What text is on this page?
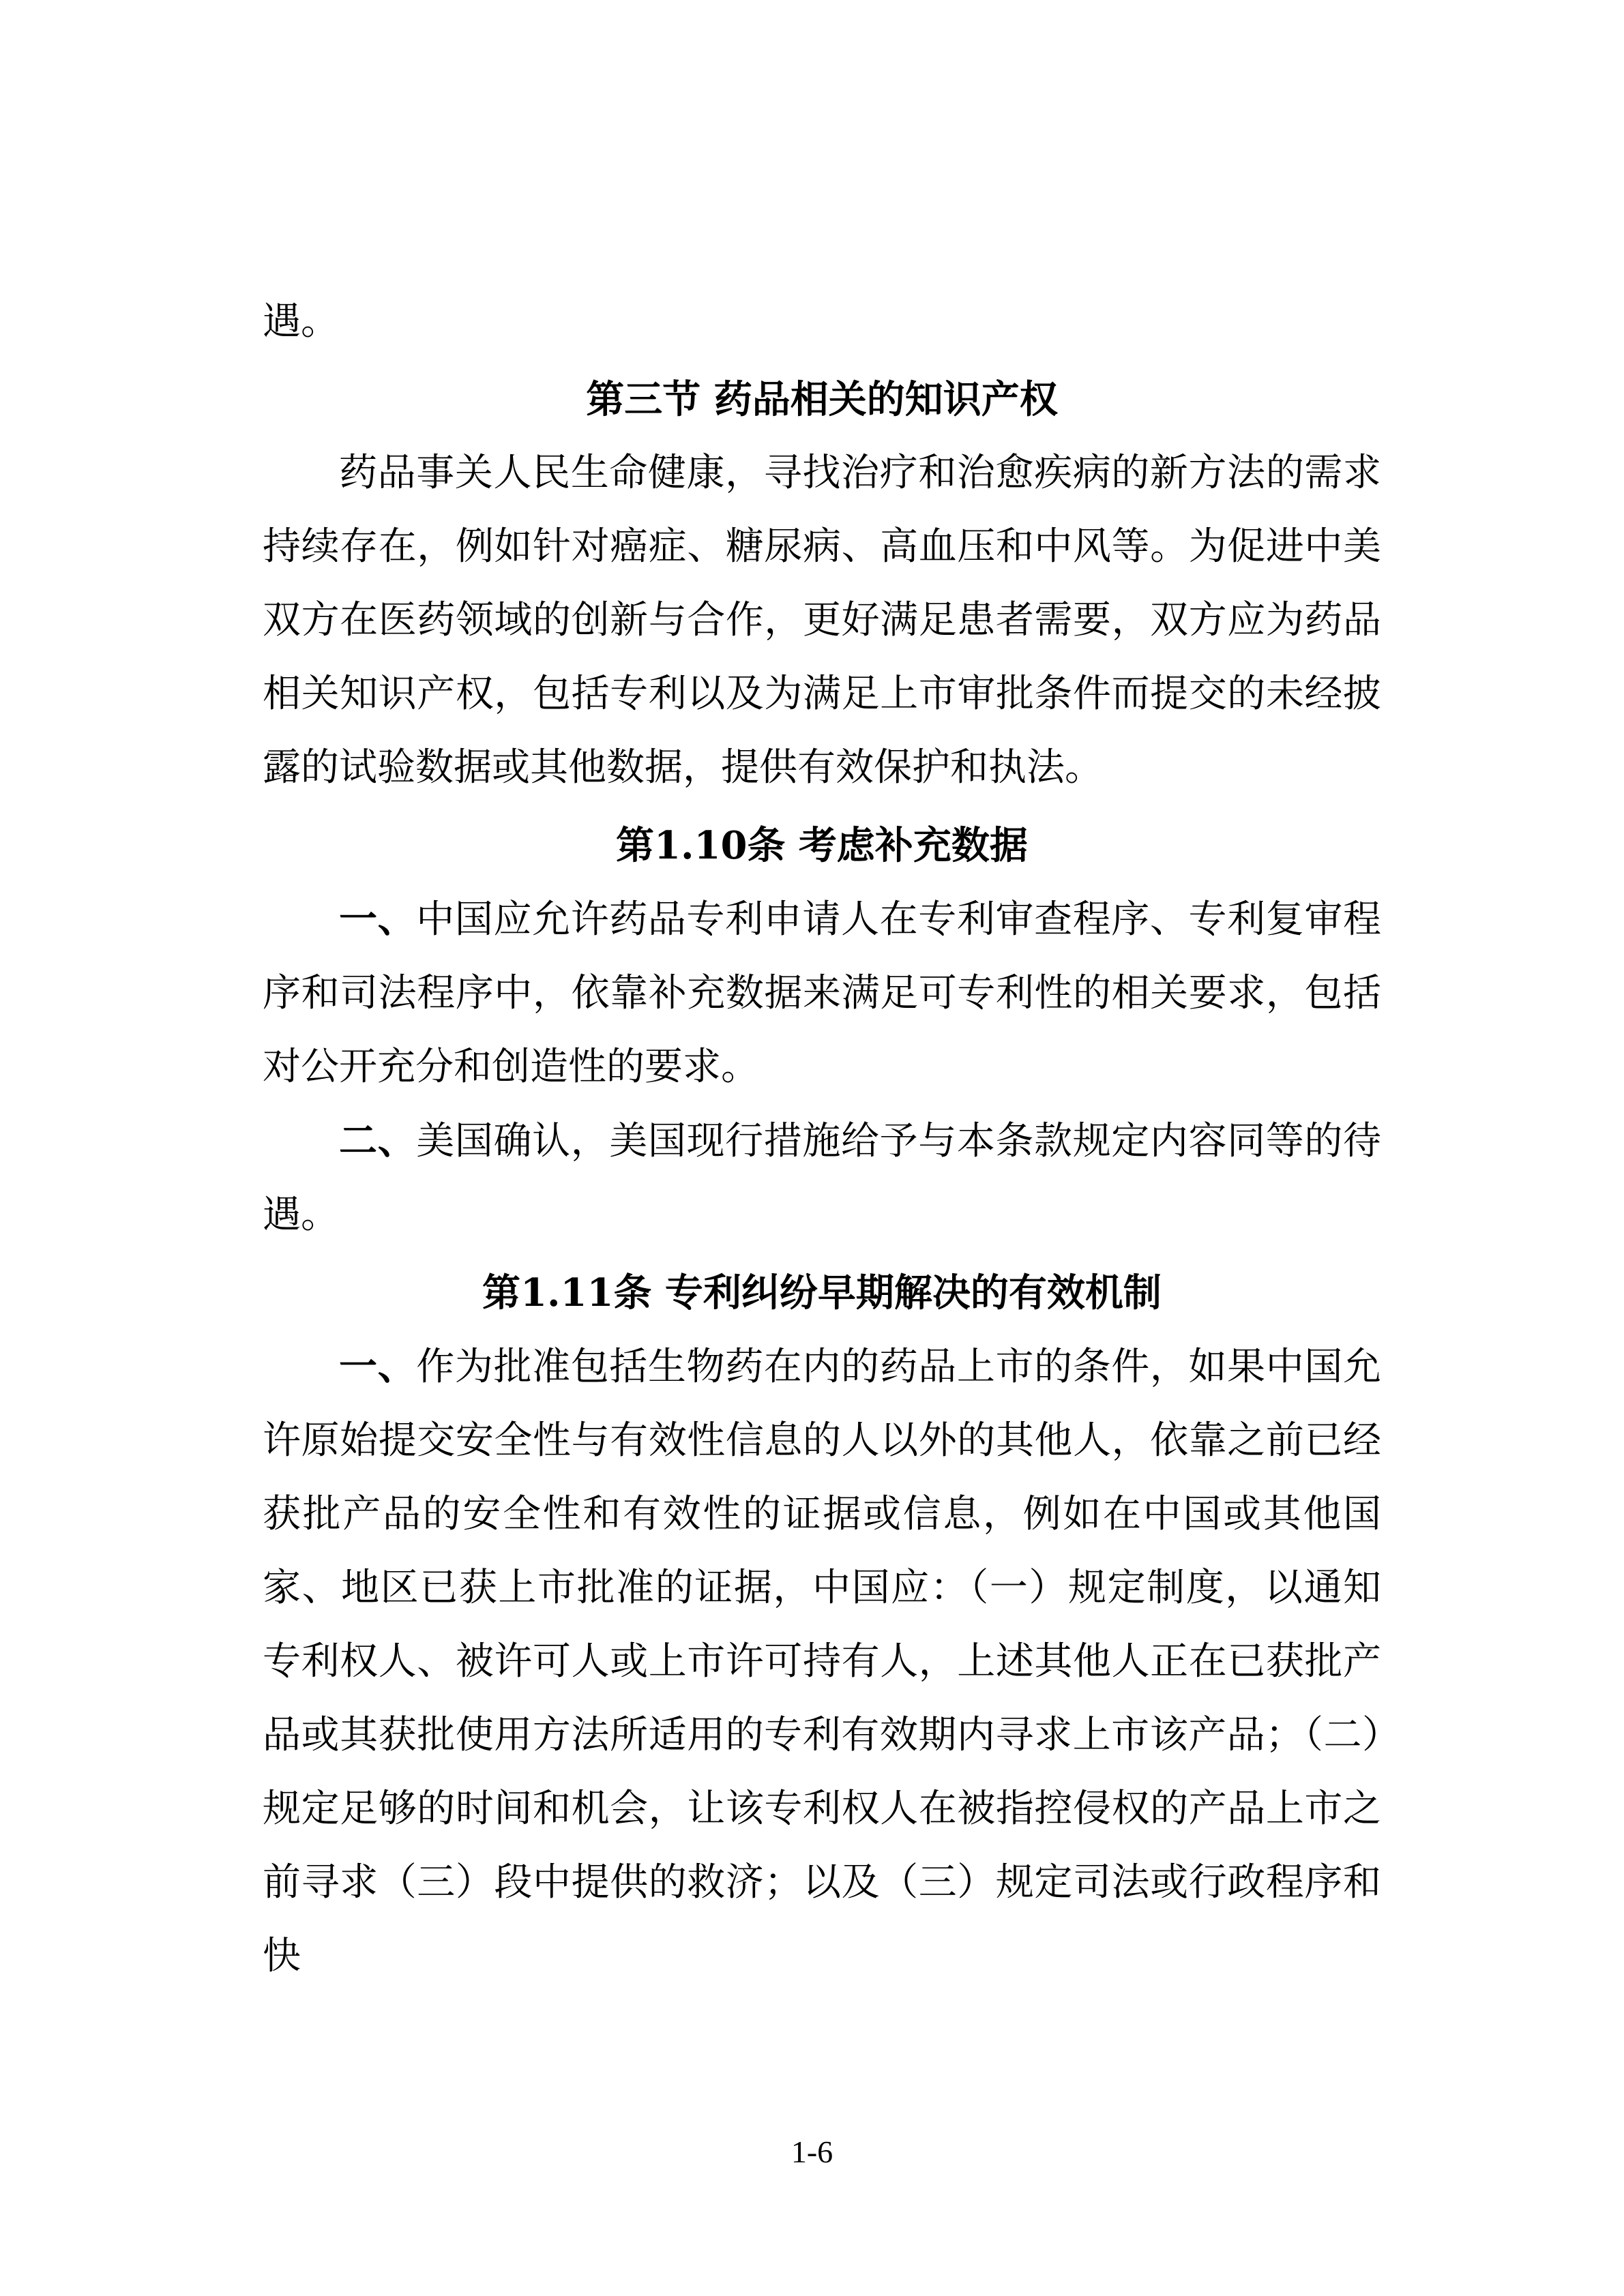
遇。

第三节 药品相关的知识产权

药品事关人民生命健康，寻找治疗和治愈疾病的新方法的需求持续存在，例如针对癌症、糖尿病、高血压和中风等。为促进中美双方在医药领域的创新与合作，更好满足患者需要，双方应为药品相关知识产权，包括专利以及为满足上市审批条件而提交的未经披露的试验数据或其他数据，提供有效保护和执法。

第1.10条 考虑补充数据

一、中国应允许药品专利申请人在专利审查程序、专利复审程序和司法程序中，依靠补充数据来满足可专利性的相关要求，包括对公开充分和创造性的要求。

二、美国确认，美国现行措施给予与本条款规定内容同等的待遇。

第1.11条 专利纠纷早期解决的有效机制

一、作为批准包括生物药在内的药品上市的条件，如果中国允许原始提交安全性与有效性信息的人以外的其他人，依靠之前已经获批产品的安全性和有效性的证据或信息，例如在中国或其他国家、地区已获上市批准的证据，中国应：（一）规定制度，以通知专利权人、被许可人或上市许可持有人，上述其他人正在已获批产品或其获批使用方法所适用的专利有效期内寻求上市该产品；（二）规定足够的时间和机会，让该专利权人在被指控侵权的产品上市之前寻求（三）段中提供的救济；以及（三）规定司法或行政程序和快

1-6
